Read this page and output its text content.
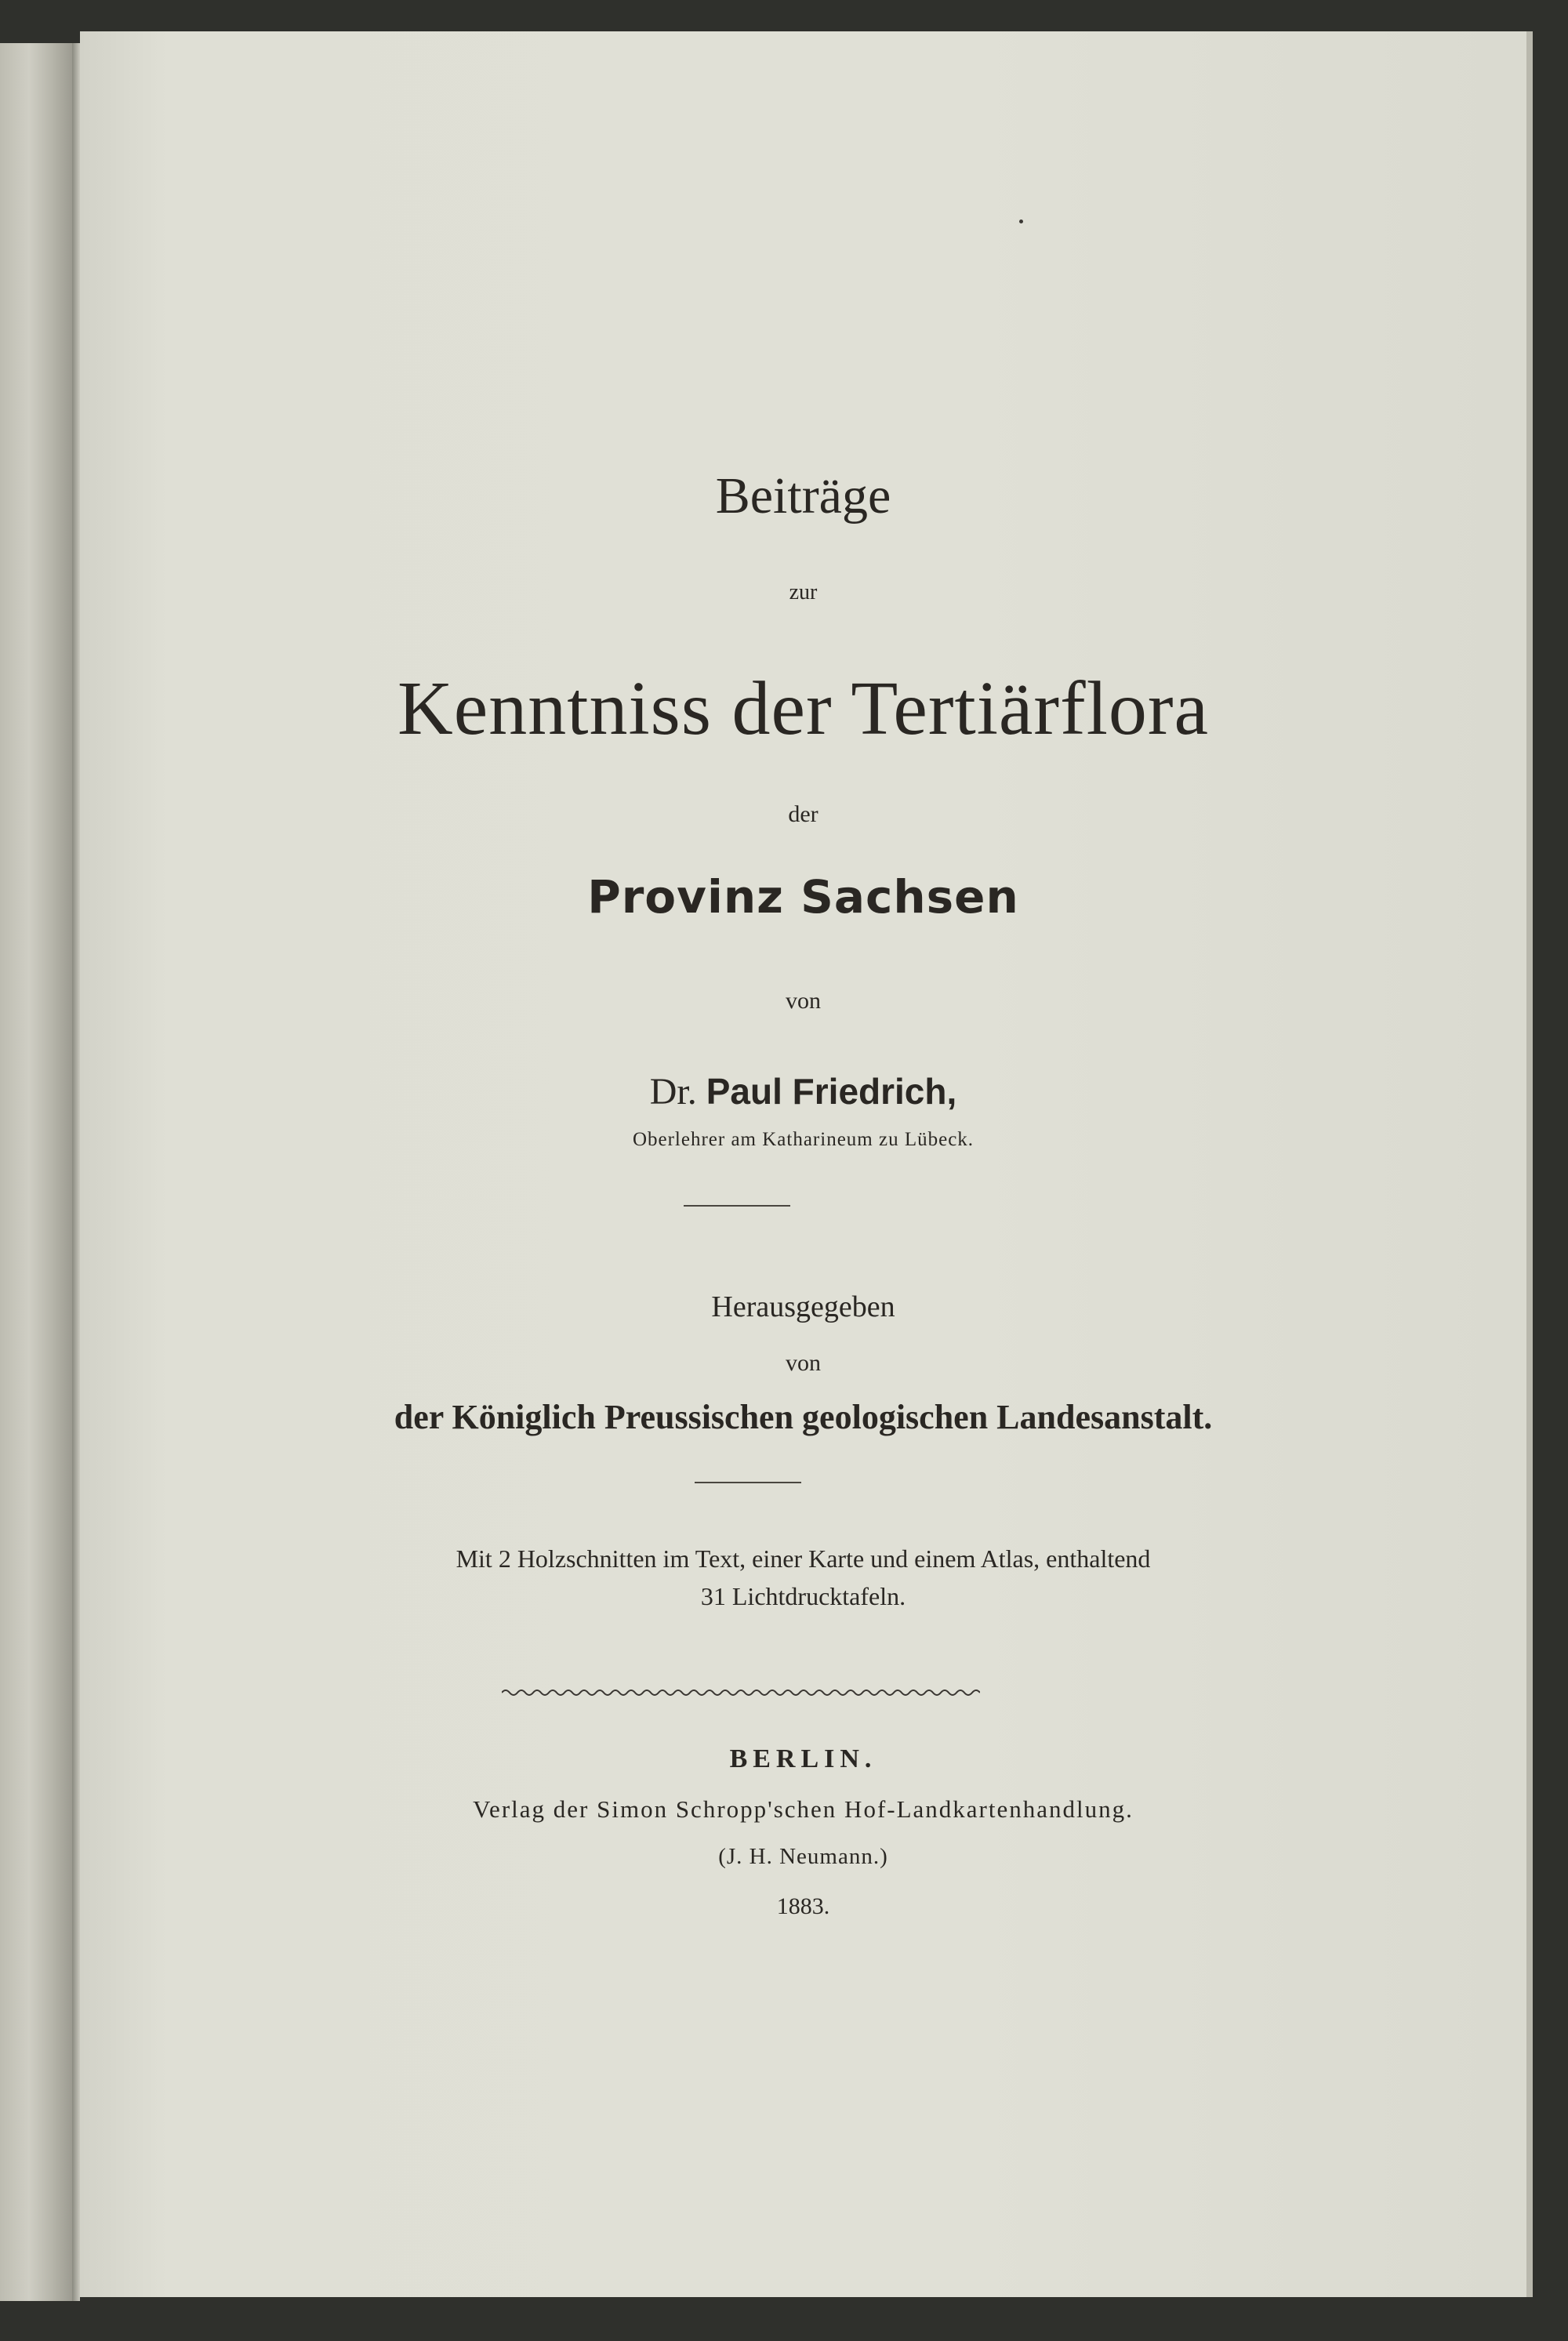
Beiträge
zur
Kenntniss der Tertiärflora
der
Provinz Sachsen
von
Dr. Paul Friedrich,
Oberlehrer am Katharineum zu Lübeck.
Herausgegeben
von
der Königlich Preussischen geologischen Landesanstalt.
Mit 2 Holzschnitten im Text, einer Karte und einem Atlas, enthaltend
31 Lichtdrucktafeln.
BERLIN.
Verlag der Simon Schropp'schen Hof-Landkartenhandlung.
(J. H. Neumann.)
1883.
